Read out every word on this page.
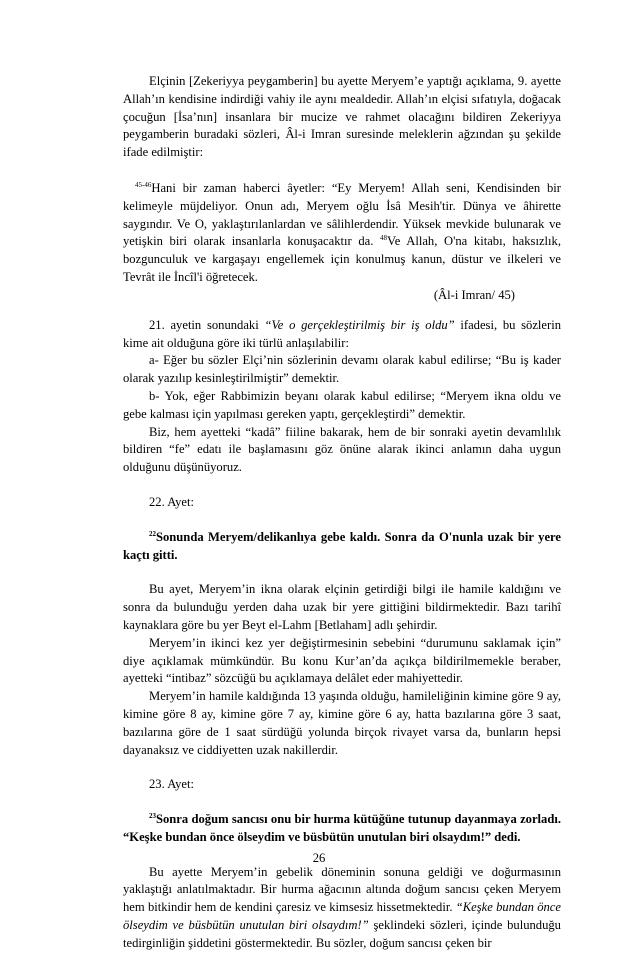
Elçinin [Zekeriyya peygamberin] bu ayette Meryem’e yaptığı açıklama, 9. ayette Allah’ın kendisine indirdiği vahiy ile aynı mealdedir. Allah’ın elçisi sıfatıyla, doğacak çocuğun [İsa’nın] insanlara bir mucize ve rahmet olacağını bildiren Zekeriyya peygamberin buradaki sözleri, Âl-i Imran suresinde meleklerin ağzından şu şekilde ifade edilmiştir:

$^{45-46}$Hani bir zaman haberci âyetler: “Ey Meryem! Allah seni, Kendisinden bir kelimeyle müjdeliyor. Onun adı, Meryem oğlu İsâ Mesih'tir. Dünya ve âhirette saygındır. Ve O, yaklaştırılanlardan ve sâlihlerdendir. Yüksek mevkide bulunarak ve yetişkin biri olarak insanlarla konuşacaktır da. $^{48}$Ve Allah, O'na kitabı, haksızlık, bozgunculuk ve kargaşayı engellemek için konulmuş kanun, düstur ve ilkeleri ve Tevrât ile İncîl'i öğretecek.

(Âl-i Imran/ 45)

21. ayetin sonundaki “Ve o gerçekleştirilmiş bir iş oldu” ifadesi, bu sözlerin kime ait olduğuna göre iki türlü anlaşılabilir:

a- Eğer bu sözler Elçi’nin sözlerinin devamı olarak kabul edilirse; “Bu iş kader olarak yazılıp kesinleştirilmiştir” demektir.

b- Yok, eğer Rabbimizin beyanı olarak kabul edilirse; “Meryem ikna oldu ve gebe kalması için yapılması gereken yaptı, gerçekleştirdi” demektir.

Biz, hem ayetteki “kadâ” fiiline bakarak, hem de bir sonraki ayetin devamlılık bildiren “fe” edatı ile başlamasını göz önüne alarak ikinci anlamın daha uygun olduğunu düşünüyoruz.

22. Ayet:

$^{22}$Sonunda Meryem/delikanlıya gebe kaldı. Sonra da O'nunla uzak bir yere kaçtı gitti.

Bu ayet, Meryem’in ikna olarak elçinin getirdiği bilgi ile hamile kaldığını ve sonra da bulunduğu yerden daha uzak bir yere gittiğini bildirmektedir. Bazı tarihî kaynaklara göre bu yer Beyt el-Lahm [Betlaham] adlı şehirdir.

Meryem’in ikinci kez yer değiştirmesinin sebebini “durumunu saklamak için” diye açıklamak mümkündür. Bu konu Kur’an’da açıkça bildirilmemekle beraber, ayetteki “intibaz” sözcüğü bu açıklamaya delâlet eder mahiyettedir.

Meryem’in hamile kaldığında 13 yaşında olduğu, hamileliğinin kimine göre 9 ay, kimine göre 8 ay, kimine göre 7 ay, kimine göre 6 ay, hatta bazılarına göre 3 saat, bazılarına göre de 1 saat sürdüğü yolunda birçok rivayet varsa da, bunların hepsi dayanaksız ve ciddiyetten uzak nakillerdir.

23. Ayet:

$^{23}$Sonra doğum sancısı onu bir hurma kütüğüne tutunup dayanmaya zorladı. “Keşke bundan önce ölseydim ve büsbütün unutulan biri olsaydım!” dedi.

Bu ayette Meryem’in gebelik döneminin sonuna geldiği ve doğurmasının yaklaştığı anlatılmaktadır. Bir hurma ağacının altında doğum sancısı çeken Meryem hem bitkindir hem de kendini çaresiz ve kimsesiz hissetmektedir. “Keşke bundan önce ölseydim ve büsbütün unutulan biri olsaydım!” şeklindeki sözleri, içinde bulunduğu tedirginliğin şiddetini göstermektedir. Bu sözler, doğum sancısı çeken bir

26
